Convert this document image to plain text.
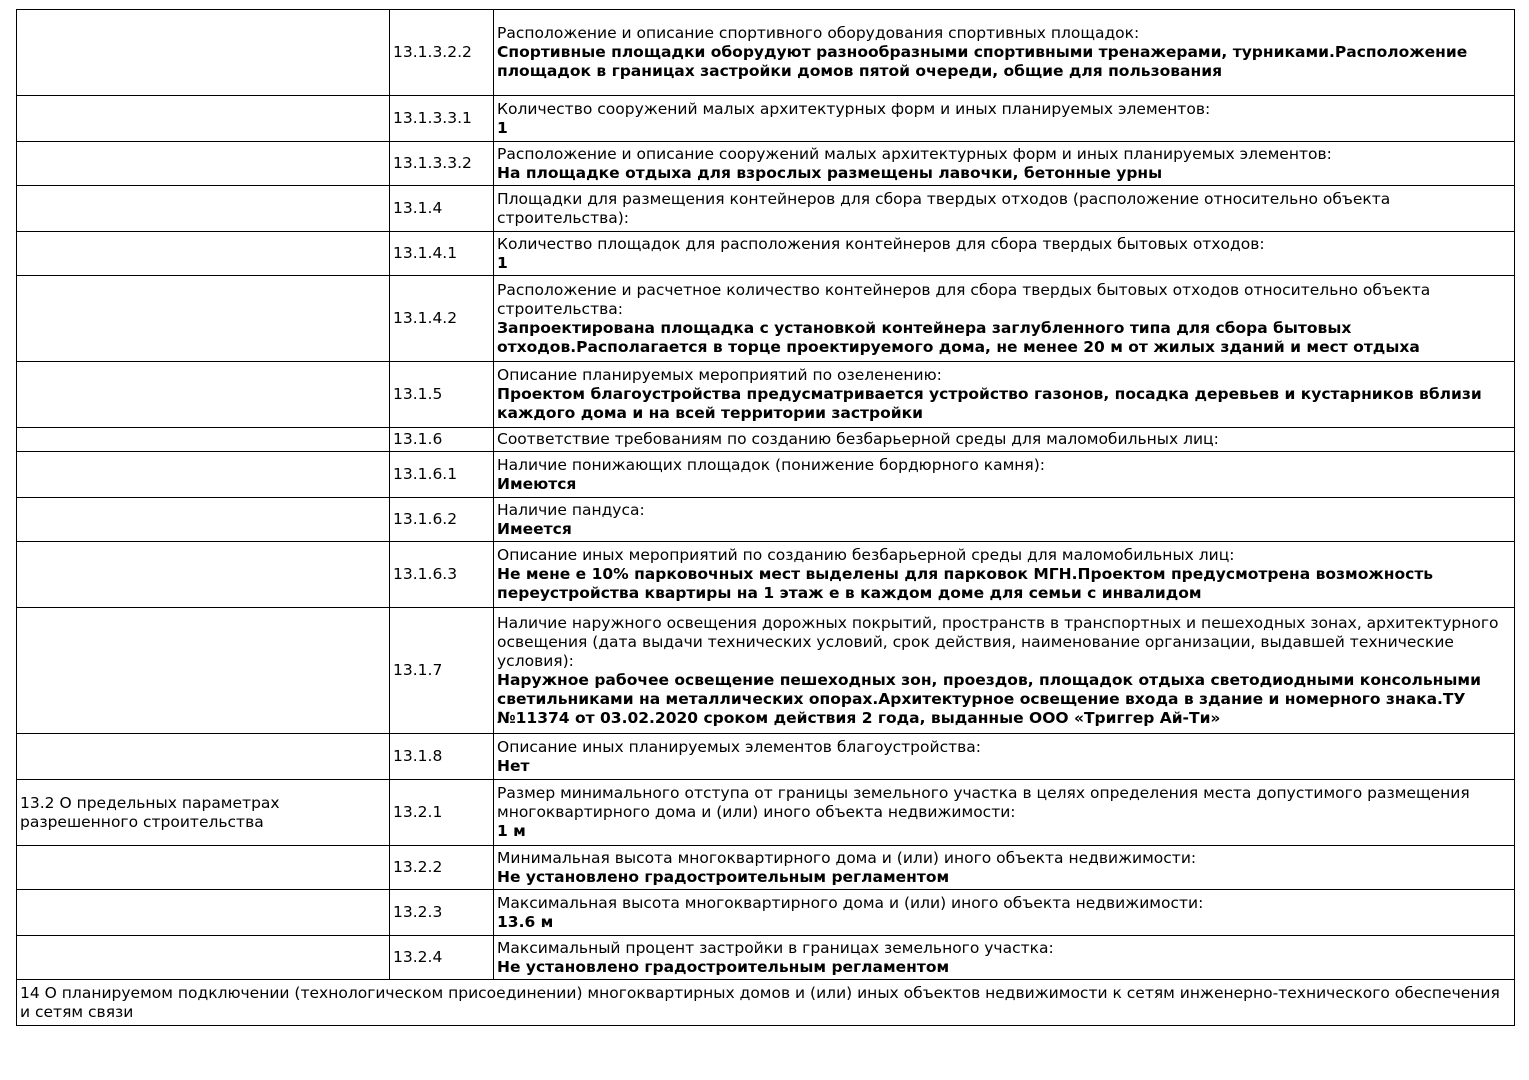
	13.1.3.2.2	Расположение и описание спортивного оборудования спортивных площадок:
Спортивные площадки оборудуют разнообразными спортивными тренажерами, турниками.Расположение площадок в границах застройки домов пятой очереди, общие для пользования

	13.1.3.3.1	Количество сооружений малых архитектурных форм и иных планируемых элементов:
1

	13.1.3.3.2	Расположение и описание сооружений малых архитектурных форм и иных планируемых элементов:
На площадке отдыха для взрослых размещены лавочки, бетонные урны

	13.1.4	Площадки для размещения контейнеров для сбора твердых отходов (расположение относительно объекта строительства):

	13.1.4.1	Количество площадок для расположения контейнеров для сбора твердых бытовых отходов:
1

	13.1.4.2	Расположение и расчетное количество контейнеров для сбора твердых бытовых отходов относительно объекта строительства:
Запроектирована площадка с установкой контейнера заглубленного типа для сбора бытовых отходов.Располагается в торце проектируемого дома, не менее 20 м от жилых зданий и мест отдыха

	13.1.5	Описание планируемых мероприятий по озеленению:
Проектом благоустройства предусматривается устройство газонов, посадка деревьев и кустарников вблизи каждого дома и на всей территории застройки

	13.1.6	Соответствие требованиям по созданию безбарьерной среды для маломобильных лиц:

	13.1.6.1	Наличие понижающих площадок (понижение бордюрного камня):
Имеются

	13.1.6.2	Наличие пандуса:
Имеется

	13.1.6.3	Описание иных мероприятий по созданию безбарьерной среды для маломобильных лиц:
Не мене е 10% парковочных мест выделены для парковок МГН.Проектом предусмотрена возможность переустройства квартиры на 1 этаж е в каждом доме для семьи с инвалидом

	13.1.7	Наличие наружного освещения дорожных покрытий, пространств в транспортных и пешеходных зонах, архитектурного освещения (дата выдачи технических условий, срок действия, наименование организации, выдавшей технические условия):
Наружное рабочее освещение пешеходных зон, проездов, площадок отдыха светодиодными консольными светильниками на металлических опорах.Архитектурное освещение входа в здание и номерного знака.ТУ №11374 от 03.02.2020 сроком действия 2 года, выданные ООО «Триггер Ай-Ти»

	13.1.8	Описание иных планируемых элементов благоустройства:
Нет

13.2 О предельных параметрах разрешенного строительства	13.2.1	Размер минимального отступа от границы земельного участка в целях определения места допустимого размещения многоквартирного дома и (или) иного объекта недвижимости:
1 м

	13.2.2	Минимальная высота многоквартирного дома и (или) иного объекта недвижимости:
Не установлено градостроительным регламентом

	13.2.3	Максимальная высота многоквартирного дома и (или) иного объекта недвижимости:
13.6 м

	13.2.4	Максимальный процент застройки в границах земельного участка:
Не установлено градостроительным регламентом

14 О планируемом подключении (технологическом присоединении) многоквартирных домов и (или) иных объектов недвижимости к сетям инженерно-технического обеспечения и сетям связи		
